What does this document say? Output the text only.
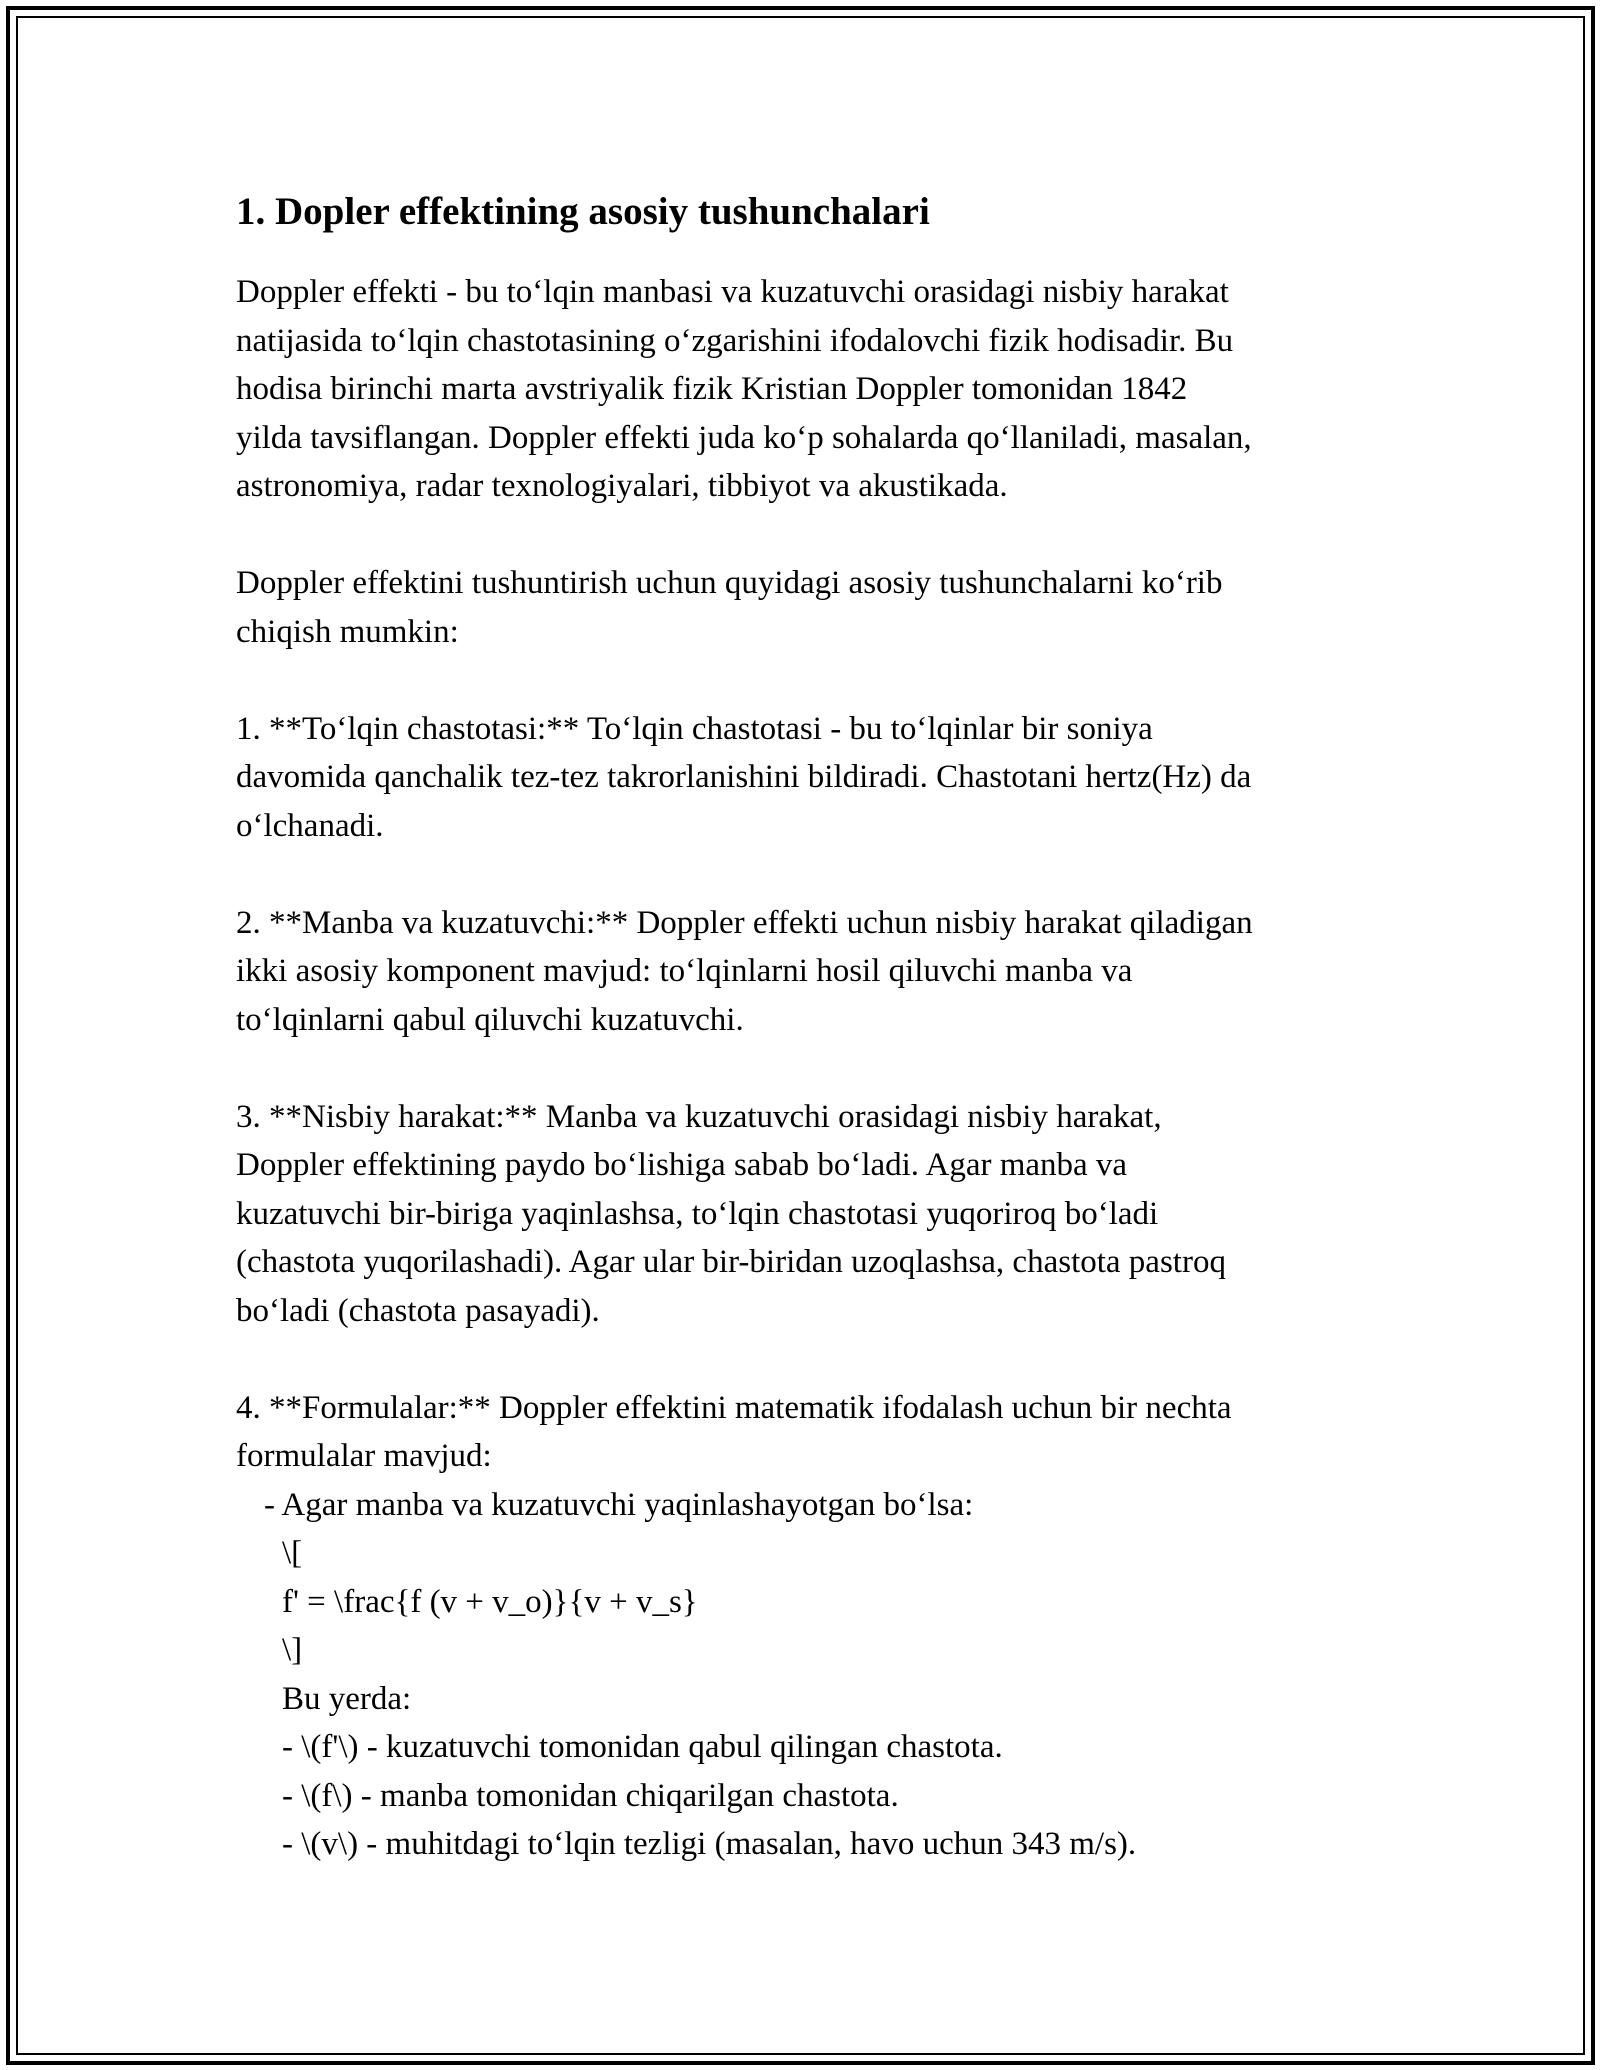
1. Dopler effektining asosiy tushunchalari
Doppler effekti - bu to‘lqin manbasi va kuzatuvchi orasidagi nisbiy harakat
natijasida to‘lqin chastotasining o‘zgarishini ifodalovchi fizik hodisadir. Bu
hodisa birinchi marta avstriyalik fizik Kristian Doppler tomonidan 1842
yilda tavsiflangan. Doppler effekti juda ko‘p sohalarda qo‘llaniladi, masalan,
astronomiya, radar texnologiyalari, tibbiyot va akustikada.
Doppler effektini tushuntirish uchun quyidagi asosiy tushunchalarni ko‘rib
chiqish mumkin:
1. **To‘lqin chastotasi:** To‘lqin chastotasi - bu to‘lqinlar bir soniya
davomida qanchalik tez-tez takrorlanishini bildiradi. Chastotani hertz(Hz) da
o‘lchanadi.
2. **Manba va kuzatuvchi:** Doppler effekti uchun nisbiy harakat qiladigan
ikki asosiy komponent mavjud: to‘lqinlarni hosil qiluvchi manba va
to‘lqinlarni qabul qiluvchi kuzatuvchi.
3. **Nisbiy harakat:** Manba va kuzatuvchi orasidagi nisbiy harakat,
Doppler effektining paydo bo‘lishiga sabab bo‘ladi. Agar manba va
kuzatuvchi bir-biriga yaqinlashsa, to‘lqin chastotasi yuqoriroq bo‘ladi
(chastota yuqorilashadi). Agar ular bir-biridan uzoqlashsa, chastota pastroq
bo‘ladi (chastota pasayadi).
4. **Formulalar:** Doppler effektini matematik ifodalash uchun bir nechta
formulalar mavjud:
- Agar manba va kuzatuvchi yaqinlashayotgan bo‘lsa:
\[
f' = \frac{f (v + v_o)}{v + v_s}
\]
Bu yerda:
- \(f'\) - kuzatuvchi tomonidan qabul qilingan chastota.
- \(f\) - manba tomonidan chiqarilgan chastota.
- \(v\) - muhitdagi to‘lqin tezligi (masalan, havo uchun 343 m/s).
